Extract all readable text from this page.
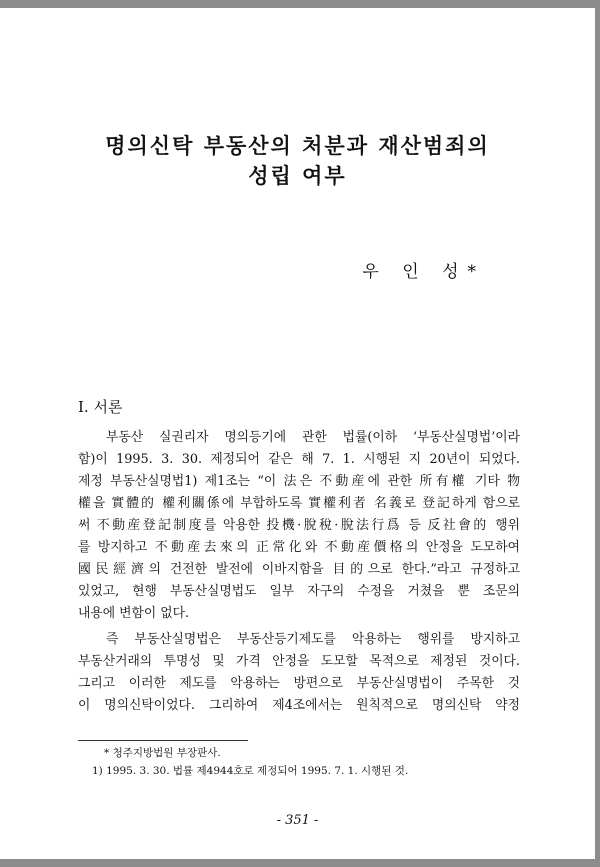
명의신탁 부동산의 처분과 재산범죄의
성립 여부
우 인 성*
I. 서론
부동산 실권리자 명의등기에 관한 법률(이하 ‘부동산실명법’이라
함)이 1995. 3. 30. 제정되어 같은 해 7. 1. 시행된 지 20년이 되었다.
제정 부동산실명법1) 제1조는 “이 法은 不動産에 관한 所有權 기타 物
權을 實體的 權利關係에 부합하도록 實權利者 名義로 登記하게 함으로
써 不動産登記制度를 악용한 投機·脫稅·脫法行爲 등 反社會的 행위
를 방지하고 不動産去來의 正常化와 不動産價格의 안정을 도모하여
國民經濟의 건전한 발전에 이바지함을 目的으로 한다.”라고 규정하고
있었고, 현행 부동산실명법도 일부 자구의 수정을 거쳤을 뿐 조문의
내용에 변함이 없다.
즉 부동산실명법은 부동산등기제도를 악용하는 행위를 방지하고
부동산거래의 투명성 및 가격 안정을 도모할 목적으로 제정된 것이다.
그리고 이러한 제도를 악용하는 방편으로 부동산실명법이 주목한 것
이 명의신탁이었다. 그리하여 제4조에서는 원칙적으로 명의신탁 약정
* 청주지방법원 부장판사.
1) 1995. 3. 30. 법률 제4944호로 제정되어 1995. 7. 1. 시행된 것.
- 351 -
